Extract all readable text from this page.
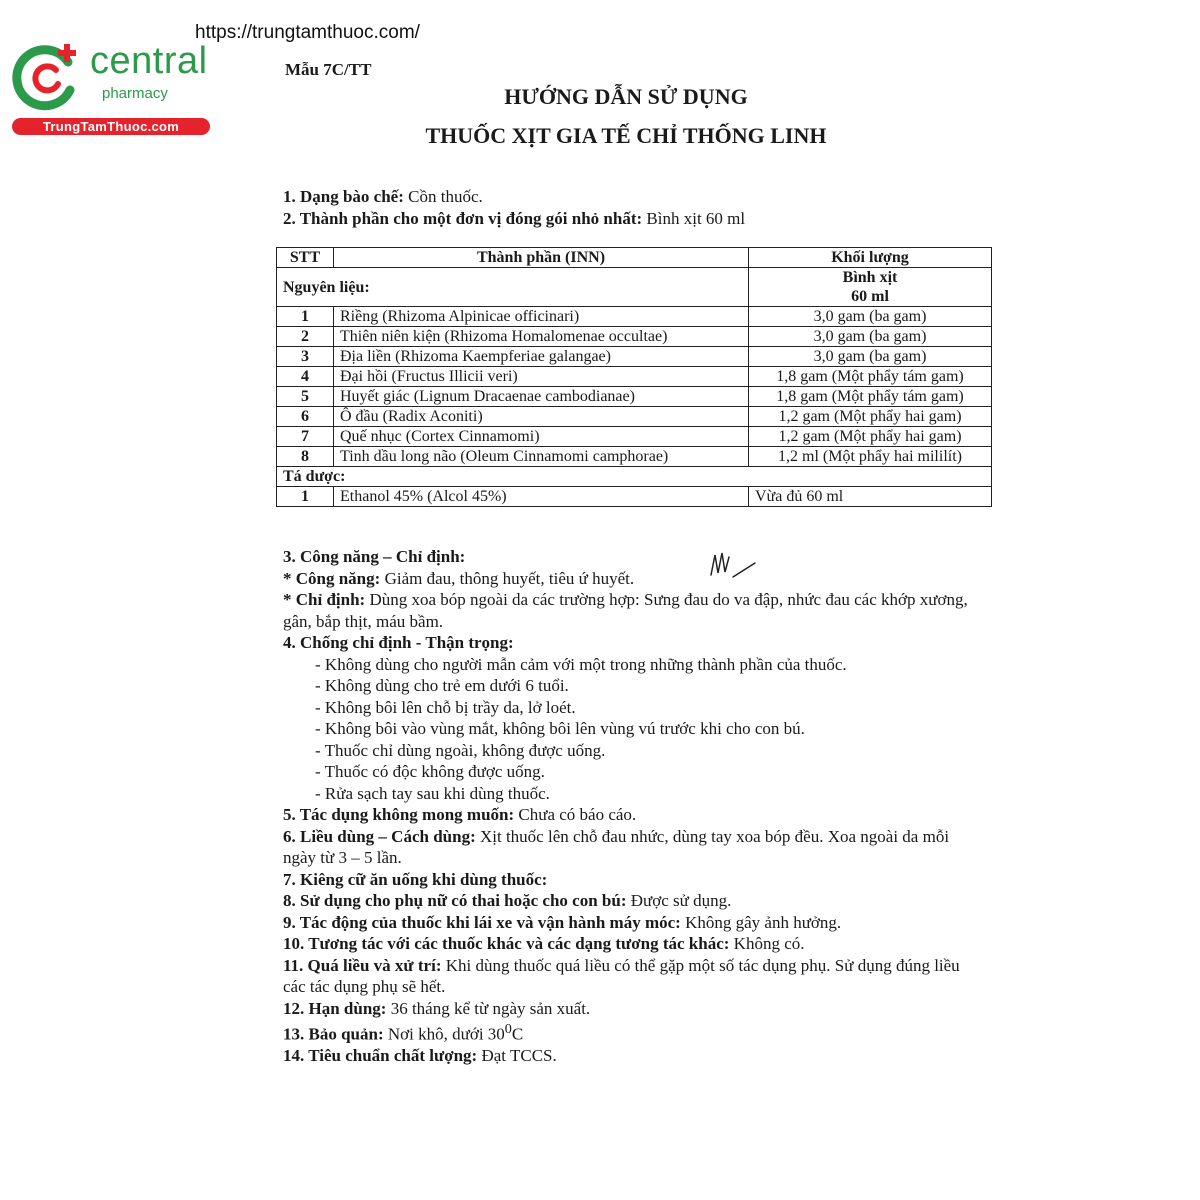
https://trungtamthuoc.com/
central
pharmacy
TrungTamThuoc.com
Mẫu 7C/TT
HƯỚNG DẪN SỬ DỤNG
THUỐC XỊT GIA TẾ CHỈ THỐNG LINH
1. Dạng bào chế: Cồn thuốc.
2. Thành phần cho một đơn vị đóng gói nhỏ nhất: Bình xịt 60 ml
STT	Thành phần (INN)	Khối lượng
Nguyên liệu:		Bình xịt
60 ml

1	Riềng (Rhizoma Alpinicae officinari)	3,0 gam (ba gam)
2	Thiên niên kiện (Rhizoma Homalomenae occultae)	3,0 gam (ba gam)
3	Địa liền (Rhizoma Kaempferiae galangae)	3,0 gam (ba gam)
4	Đại hồi (Fructus Illicii veri)	1,8 gam (Một phẩy tám gam)
5	Huyết giác (Lignum Dracaenae cambodianae)	1,8 gam (Một phẩy tám gam)
6	Ô đầu (Radix Aconiti)	1,2 gam (Một phẩy hai gam)
7	Quế nhục (Cortex Cinnamomi)	1,2 gam (Một phẩy hai gam)
8	Tinh dầu long não (Oleum Cinnamomi camphorae)	1,2 ml (Một phẩy hai mililít)
Tá dược:		
1	Ethanol 45% (Alcol 45%)	Vừa đủ 60 ml

3. Công năng – Chỉ định:

* Công năng: Giảm đau, thông huyết, tiêu ứ huyết.

* Chỉ định: Dùng xoa bóp ngoài da các trường hợp: Sưng đau do va đập, nhức đau các khớp xương, gân, bắp thịt, máu bầm.

4. Chống chỉ định - Thận trọng:

- Không dùng cho người mẫn cảm với một trong những thành phần của thuốc.

- Không dùng cho trẻ em dưới 6 tuổi.

- Không bôi lên chỗ bị trầy da, lở loét.

- Không bôi vào vùng mắt, không bôi lên vùng vú trước khi cho con bú.

- Thuốc chỉ dùng ngoài, không được uống.

- Thuốc có độc không được uống.

- Rửa sạch tay sau khi dùng thuốc.

5. Tác dụng không mong muốn: Chưa có báo cáo.

6. Liều dùng – Cách dùng: Xịt thuốc lên chỗ đau nhức, dùng tay xoa bóp đều. Xoa ngoài da mỗi ngày từ 3 – 5 lần.

7. Kiêng cữ ăn uống khi dùng thuốc:

8. Sử dụng cho phụ nữ có thai hoặc cho con bú: Được sử dụng.

9. Tác động của thuốc khi lái xe và vận hành máy móc: Không gây ảnh hưởng.

10. Tương tác với các thuốc khác và các dạng tương tác khác: Không có.

11. Quá liều và xử trí: Khi dùng thuốc quá liều có thể gặp một số tác dụng phụ. Sử dụng đúng liều các tác dụng phụ sẽ hết.

12. Hạn dùng: 36 tháng kể từ ngày sản xuất.

13. Bảo quản: Nơi khô, dưới $30^0C$

14. Tiêu chuẩn chất lượng: Đạt TCCS.
